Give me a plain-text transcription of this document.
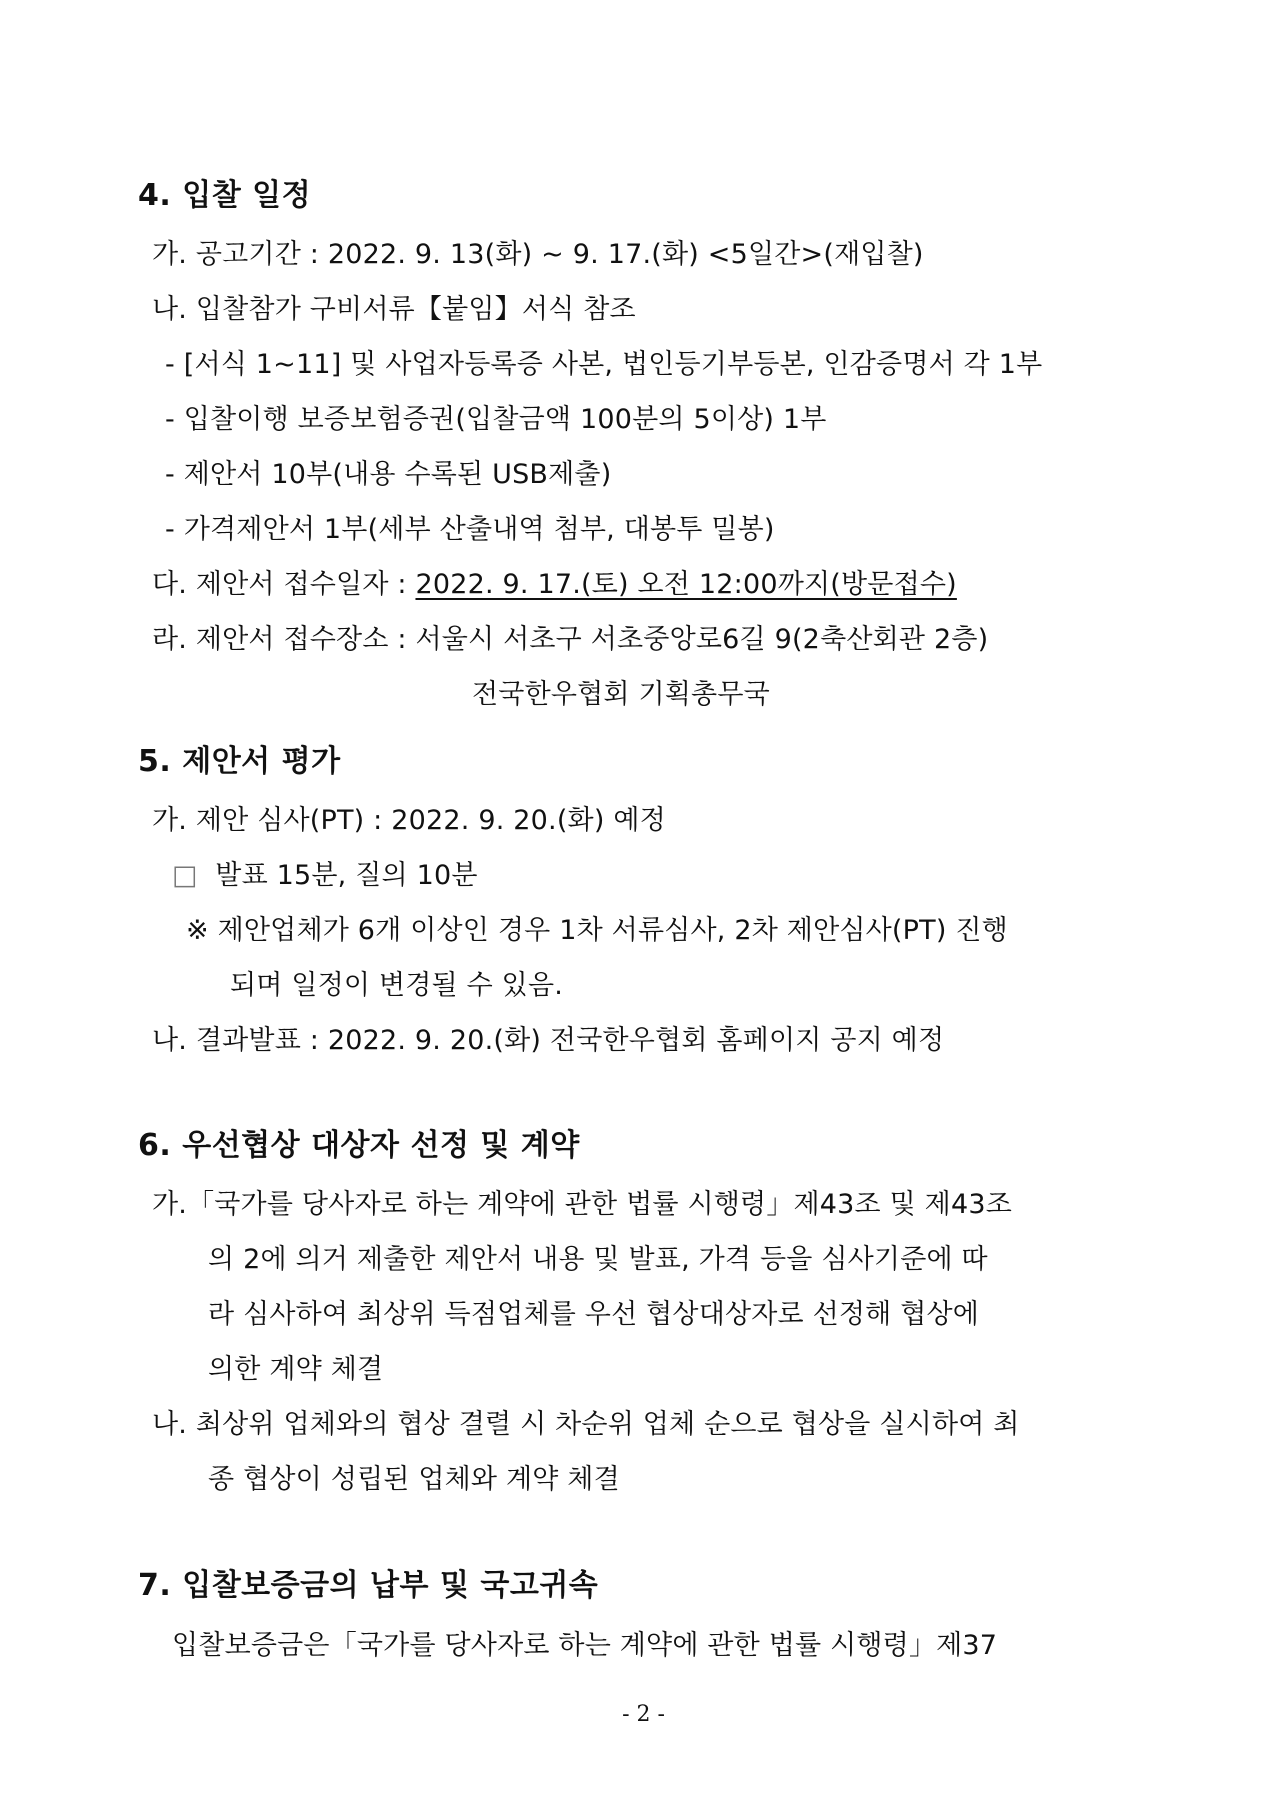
4. 입찰 일정
가. 공고기간 : 2022. 9. 13(화) ~ 9. 17.(화) <5일간>(재입찰)
나. 입찰참가 구비서류【붙임】서식 참조
- [서식 1~11] 및 사업자등록증 사본, 법인등기부등본, 인감증명서 각 1부
- 입찰이행 보증보험증권(입찰금액 100분의 5이상) 1부
- 제안서 10부(내용 수록된 USB제출)
- 가격제안서 1부(세부 산출내역 첨부, 대봉투 밀봉)
다. 제안서 접수일자 : 2022. 9. 17.(토) 오전 12:00까지(방문접수)
라. 제안서 접수장소 : 서울시 서초구 서초중앙로6길 9(2축산회관 2층)
전국한우협회 기획총무국
5. 제안서 평가
가. 제안 심사(PT) : 2022. 9. 20.(화) 예정
□ 발표 15분, 질의 10분
※ 제안업체가 6개 이상인 경우 1차 서류심사, 2차 제안심사(PT) 진행
되며 일정이 변경될 수 있음.
나. 결과발표 : 2022. 9. 20.(화) 전국한우협회 홈페이지 공지 예정
6. 우선협상 대상자 선정 및 계약
가.「국가를 당사자로 하는 계약에 관한 법률 시행령」제43조 및 제43조
의 2에 의거 제출한 제안서 내용 및 발표, 가격 등을 심사기준에 따
라 심사하여 최상위 득점업체를 우선 협상대상자로 선정해 협상에
의한 계약 체결
나. 최상위 업체와의 협상 결렬 시 차순위 업체 순으로 협상을 실시하여 최
종 협상이 성립된 업체와 계약 체결
7. 입찰보증금의 납부 및 국고귀속
입찰보증금은「국가를 당사자로 하는 계약에 관한 법률 시행령」제37
- 2 -
